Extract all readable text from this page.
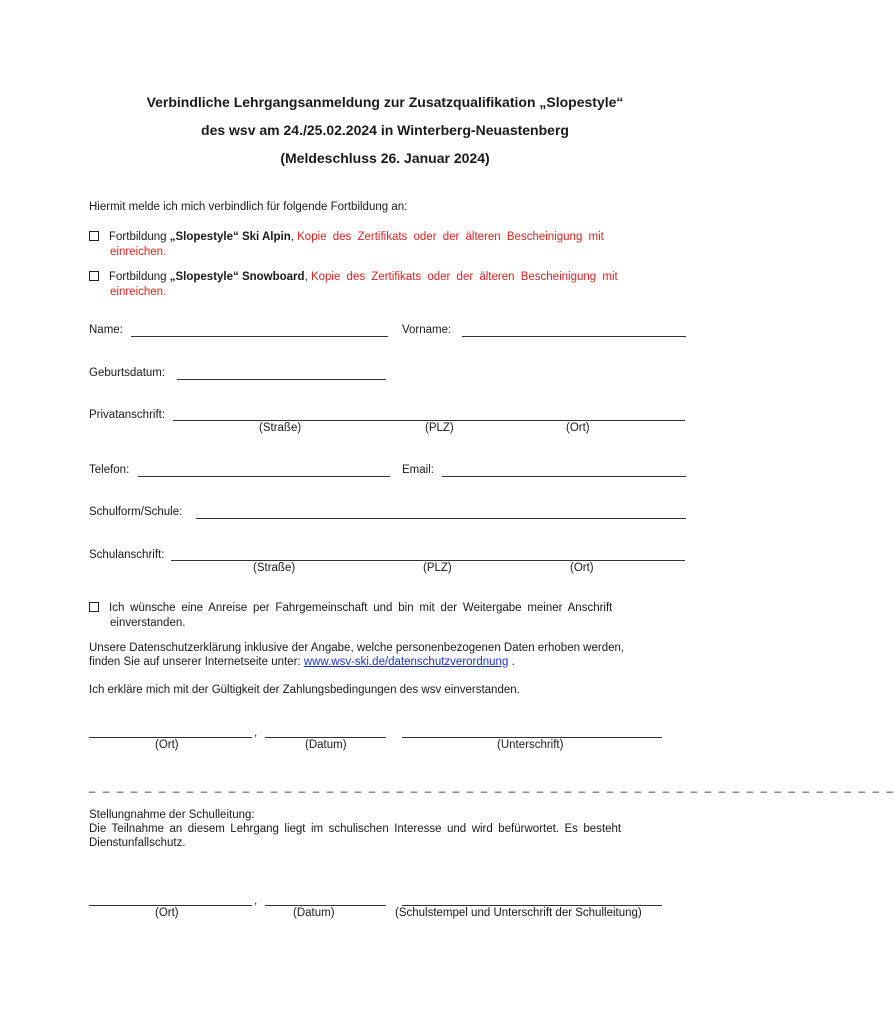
Verbindliche Lehrgangsanmeldung zur Zusatzqualifikation „Slopestyle“
des wsv am 24./25.02.2024 in Winterberg-Neuastenberg
(Meldeschluss 26. Januar 2024)
Hiermit melde ich mich verbindlich für folgende Fortbildung an:
Fortbildung „Slopestyle“ Ski Alpin, Kopie des Zertifikats oder der älteren Bescheinigung mit
einreichen.
Fortbildung „Slopestyle“ Snowboard, Kopie des Zertifikats oder der älteren Bescheinigung mit
einreichen.
Name:	Vorname:
Geburtsdatum:
Privatanschrift:
(Straße)	(PLZ)	(Ort)
Telefon:	Email:
Schulform/Schule:
Schulanschrift:
(Straße)	(PLZ)	(Ort)
Ich wünsche eine Anreise per Fahrgemeinschaft und bin mit der Weitergabe meiner Anschrift
einverstanden.
Unsere Datenschutzerklärung inklusive der Angabe, welche personenbezogenen Daten erhoben werden,
finden Sie auf unserer Internetseite unter: www.wsv-ski.de/datenschutzverordnung .
Ich erkläre mich mit der Gültigkeit der Zahlungsbedingungen des wsv einverstanden.
,
(Ort)	(Datum)	(Unterschrift)
_ _ _ _ _ _ _ _ _ _ _ _ _ _ _ _ _ _ _ _ _ _ _ _ _ _ _ _ _ _ _ _ _ _ _ _ _ _ _ _ _ _ _ _ _ _ _ _ _ _ _ _ _ _ _ _ _ _
Stellungnahme der Schulleitung:
Die Teilnahme an diesem Lehrgang liegt im schulischen Interesse und wird befürwortet. Es besteht
Dienstunfallschutz.
,
(Ort)	(Datum)	(Schulstempel und Unterschrift der Schulleitung)
